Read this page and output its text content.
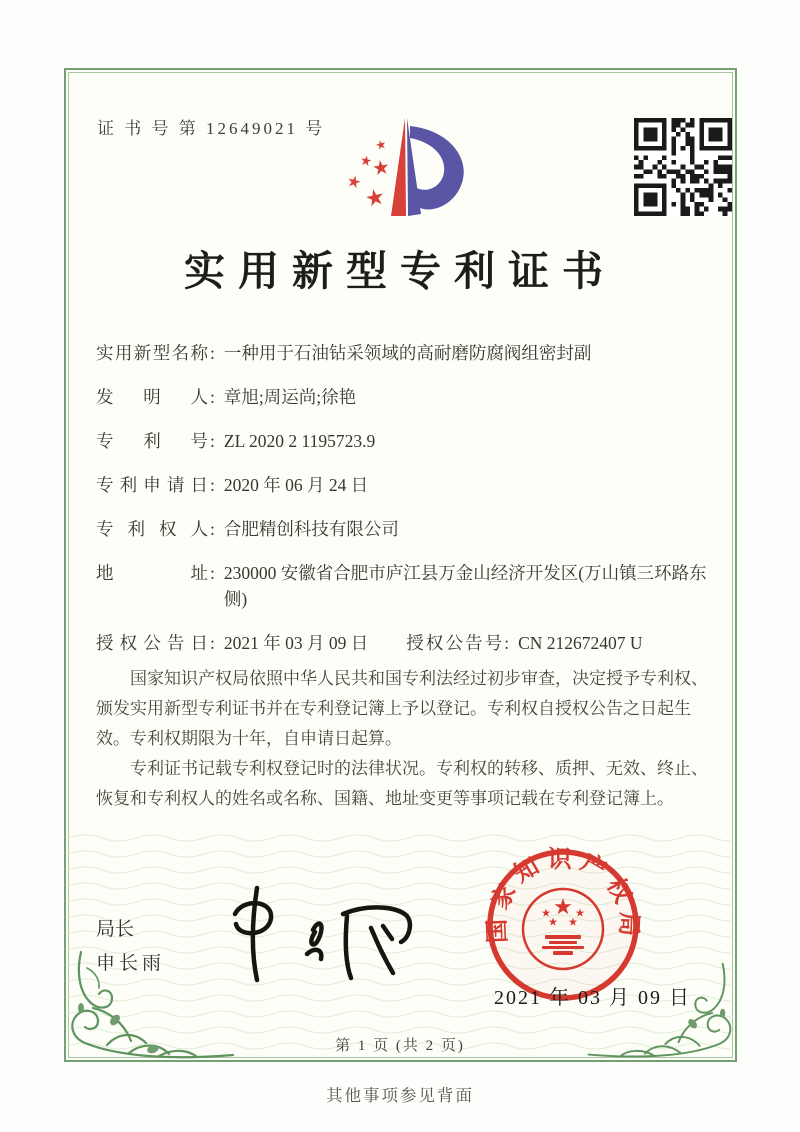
证 书 号 第 12649021 号
实用新型专利证书
实用新型名称 : 一种用于石油钻采领域的高耐磨防腐阀组密封副
发明人 : 章旭;周运尚;徐艳
专利号 : ZL 2020 2 1195723.9
专利申请日 : 2020 年 06 月 24 日
专利权人 : 合肥精创科技有限公司
地址 : 230000 安徽省合肥市庐江县万金山经济开发区(万山镇三环路东侧)
授权公告日 : 2021 年 03 月 09 日 授权公告号 : CN 212672407 U

国家知识产权局依照中华人民共和国专利法经过初步审查，决定授予专利权、颁发实用新型专利证书并在专利登记簿上予以登记。专利权自授权公告之日起生效。专利权期限为十年，自申请日起算。

专利证书记载专利权登记时的法律状况。专利权的转移、质押、无效、终止、恢复和专利权人的姓名或名称、国籍、地址变更等事项记载在专利登记簿上。

局长
申长雨
国家知识产权局
2021 年 03 月 09 日
第 1 页 (共 2 页)
其他事项参见背面
